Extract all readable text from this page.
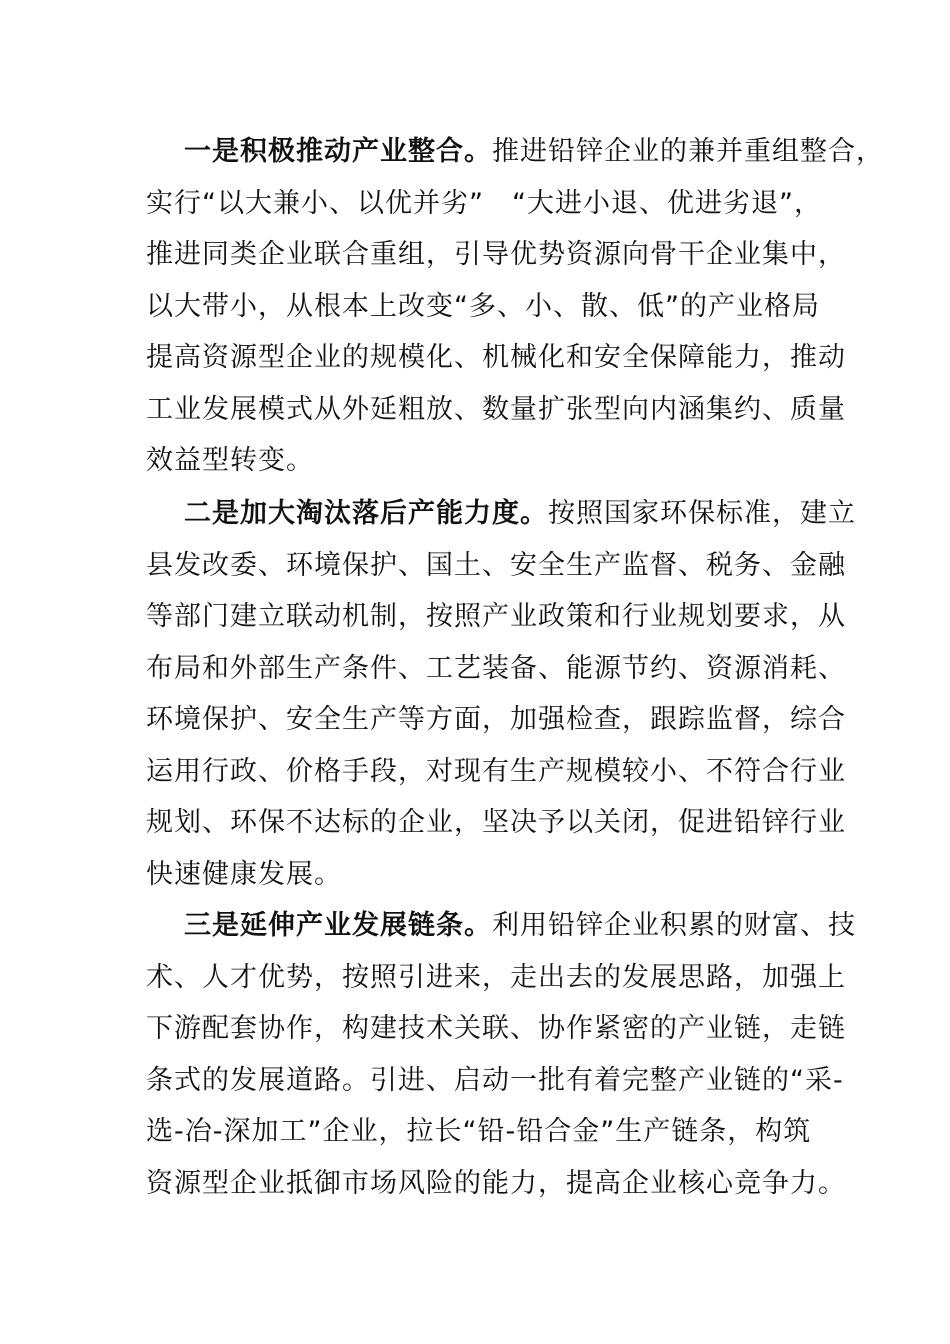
一是积极推动产业整合。推进铅锌企业的兼并重组整合，
实行“以大兼小、以优并劣”　“大进小退、优进劣退”，
推进同类企业联合重组，引导优势资源向骨干企业集中，
以大带小，从根本上改变“多、小、散、低”的产业格局
提高资源型企业的规模化、机械化和安全保障能力，推动
工业发展模式从外延粗放、数量扩张型向内涵集约、质量
效益型转变。
二是加大淘汰落后产能力度。按照国家环保标准，建立
县发改委、环境保护、国土、安全生产监督、税务、金融
等部门建立联动机制，按照产业政策和行业规划要求，从
布局和外部生产条件、工艺装备、能源节约、资源消耗、
环境保护、安全生产等方面，加强检查，跟踪监督，综合
运用行政、价格手段，对现有生产规模较小、不符合行业
规划、环保不达标的企业，坚决予以关闭，促进铅锌行业
快速健康发展。
三是延伸产业发展链条。利用铅锌企业积累的财富、技
术、人才优势，按照引进来，走出去的发展思路，加强上
下游配套协作，构建技术关联、协作紧密的产业链，走链
条式的发展道路。引进、启动一批有着完整产业链的“采-
选-冶-深加工”企业，拉长“铅-铅合金”生产链条，构筑
资源型企业抵御市场风险的能力，提高企业核心竞争力。
